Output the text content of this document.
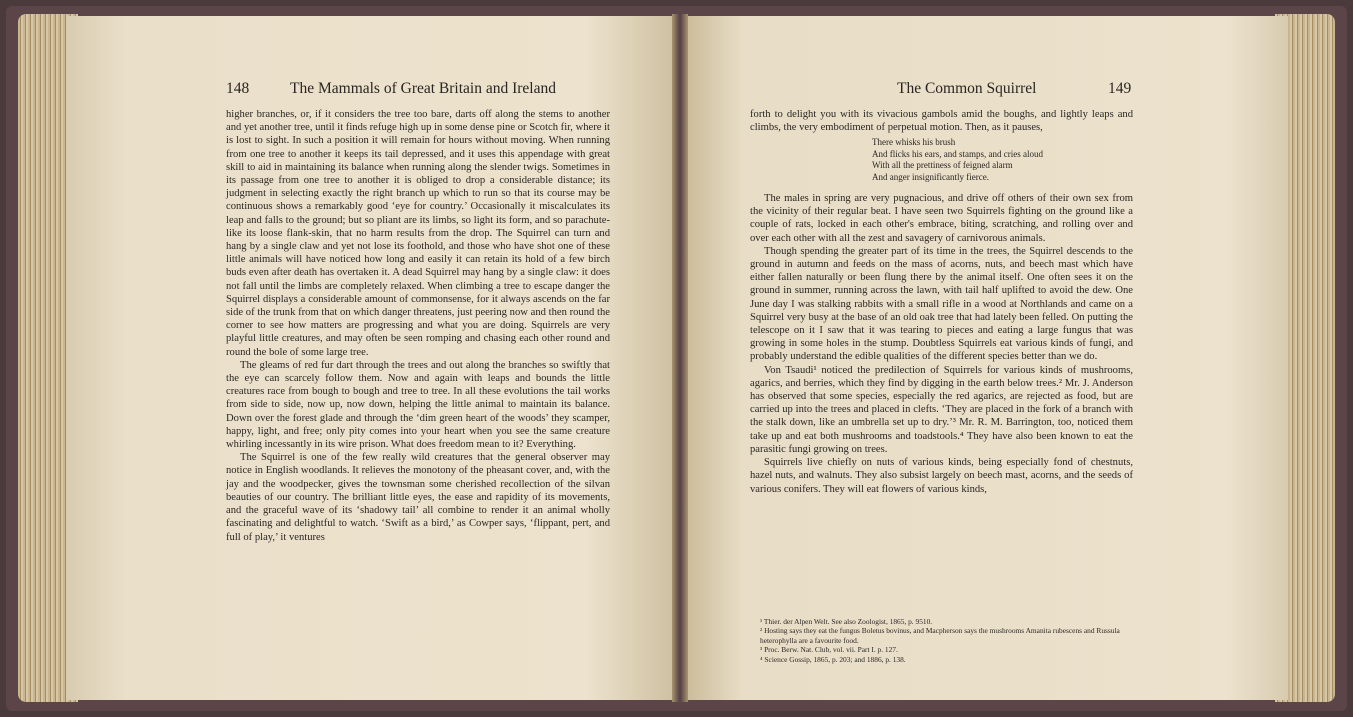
148	The Mammals of Great Britain and Ireland

higher branches, or, if it considers the tree too bare, darts off along the stems to another and yet another tree, until it finds refuge high up in some dense pine or Scotch fir, where it is lost to sight. In such a position it will remain for hours without moving. When running from one tree to another it keeps its tail depressed, and it uses this appendage with great skill to aid in maintaining its balance when running along the slender twigs. Sometimes in its passage from one tree to another it is obliged to drop a considerable distance; its judgment in selecting exactly the right branch up which to run so that its course may be continuous shows a remarkably good ‘eye for country.’ Occasionally it miscalculates its leap and falls to the ground; but so pliant are its limbs, so light its form, and so parachute-like its loose flank-skin, that no harm results from the drop. The Squirrel can turn and hang by a single claw and yet not lose its foothold, and those who have shot one of these little animals will have noticed how long and easily it can retain its hold of a few birch buds even after death has overtaken it. A dead Squirrel may hang by a single claw: it does not fall until the limbs are completely relaxed. When climbing a tree to escape danger the Squirrel displays a considerable amount of commonsense, for it always ascends on the far side of the trunk from that on which danger threatens, just peering now and then round the corner to see how matters are progressing and what you are doing. Squirrels are very playful little creatures, and may often be seen romping and chasing each other round and round the bole of some large tree.

The gleams of red fur dart through the trees and out along the branches so swiftly that the eye can scarcely follow them. Now and again with leaps and bounds the little creatures race from bough to bough and tree to tree. In all these evolutions the tail works from side to side, now up, now down, helping the little animal to maintain its balance. Down over the forest glade and through the ‘dim green heart of the woods’ they scamper, happy, light, and free; only pity comes into your heart when you see the same creature whirling incessantly in its wire prison. What does freedom mean to it? Everything.

The Squirrel is one of the few really wild creatures that the general observer may notice in English woodlands. It relieves the monotony of the pheasant cover, and, with the jay and the woodpecker, gives the townsman some cherished recollection of the silvan beauties of our country. The brilliant little eyes, the ease and rapidity of its movements, and the graceful wave of its ‘shadowy tail’ all combine to render it an animal wholly fascinating and delightful to watch. ‘Swift as a bird,’ as Cowper says, ‘flippant, pert, and full of play,’ it ventures

The Common Squirrel	149

forth to delight you with its vivacious gambols amid the boughs, and lightly leaps and climbs, the very embodiment of perpetual motion. Then, as it pauses,

There whisks his brush
And flicks his ears, and stamps, and cries aloud
With all the prettiness of feigned alarm
And anger insignificantly fierce.

The males in spring are very pugnacious, and drive off others of their own sex from the vicinity of their regular beat. I have seen two Squirrels fighting on the ground like a couple of rats, locked in each other's embrace, biting, scratching, and rolling over and over each other with all the zest and savagery of carnivorous animals.

Though spending the greater part of its time in the trees, the Squirrel descends to the ground in autumn and feeds on the mass of acorns, nuts, and beech mast which have either fallen naturally or been flung there by the animal itself. One often sees it on the ground in summer, running across the lawn, with tail half uplifted to avoid the dew. One June day I was stalking rabbits with a small rifle in a wood at Northlands and came on a Squirrel very busy at the base of an old oak tree that had lately been felled. On putting the telescope on it I saw that it was tearing to pieces and eating a large fungus that was growing in some holes in the stump. Doubtless Squirrels eat various kinds of fungi, and probably understand the edible qualities of the different species better than we do.

Von Tsaudi¹ noticed the predilection of Squirrels for various kinds of mushrooms, agarics, and berries, which they find by digging in the earth below trees.² Mr. J. Anderson has observed that some species, especially the red agarics, are rejected as food, but are carried up into the trees and placed in clefts. ‘They are placed in the fork of a branch with the stalk down, like an umbrella set up to dry.’³ Mr. R. M. Barrington, too, noticed them take up and eat both mushrooms and toadstools.⁴ They have also been known to eat the parasitic fungi growing on trees.

Squirrels live chiefly on nuts of various kinds, being especially fond of chestnuts, hazel nuts, and walnuts. They also subsist largely on beech mast, acorns, and the seeds of various conifers. They will eat flowers of various kinds,

¹ Thier. der Alpen Welt. See also Zoologist, 1865, p. 9510.
² Hosting says they eat the fungus Boletus bovinus, and Macpherson says the mushrooms Amanita rubescens and Russula heterophylla are a favourite food.
³ Proc. Berw. Nat. Club, vol. vii. Part I. p. 127.
⁴ Science Gossip, 1865, p. 203; and 1886, p. 138.
